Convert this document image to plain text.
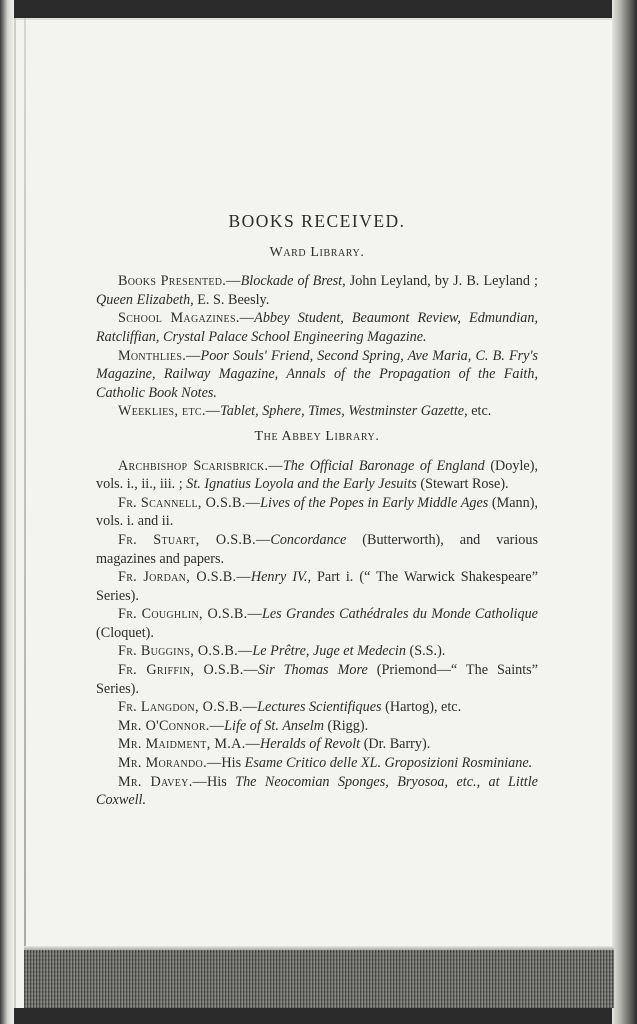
BOOKS RECEIVED.
Ward Library.

Books Presented.—Blockade of Brest, John Leyland, by J. B. Leyland ; Queen Elizabeth, E. S. Beesly.

School Magazines.—Abbey Student, Beaumont Review, Edmundian, Ratcliffian, Crystal Palace School Engineering Magazine.

Monthlies.—Poor Souls' Friend, Second Spring, Ave Maria, C. B. Fry's Magazine, Railway Magazine, Annals of the Propagation of the Faith, Catholic Book Notes.

Weeklies, etc.—Tablet, Sphere, Times, Westminster Gazette, etc.

The Abbey Library.

Archbishop Scarisbrick.—The Official Baronage of England (Doyle), vols. i., ii., iii. ; St. Ignatius Loyola and the Early Jesuits (Stewart Rose).

Fr. Scannell, O.S.B.—Lives of the Popes in Early Middle Ages (Mann), vols. i. and ii.

Fr. Stuart, O.S.B.—Concordance (Butterworth), and various magazines and papers.

Fr. Jordan, O.S.B.—Henry IV., Part i. (“ The Warwick Shakespeare” Series).

Fr. Coughlin, O.S.B.—Les Grandes Cathédrales du Monde Catholique (Cloquet).

Fr. Buggins, O.S.B.—Le Prêtre, Juge et Medecin (S.S.).

Fr. Griffin, O.S.B.—Sir Thomas More (Priemond—“ The Saints” Series).

Fr. Langdon, O.S.B.—Lectures Scientifiques (Hartog), etc.

Mr. O'Connor.—Life of St. Anselm (Rigg).

Mr. Maidment, M.A.—Heralds of Revolt (Dr. Barry).

Mr. Morando.—His Esame Critico delle XL. Groposizioni Rosminiane.

Mr. Davey.—His The Neocomian Sponges, Bryosoa, etc., at Little Coxwell.
